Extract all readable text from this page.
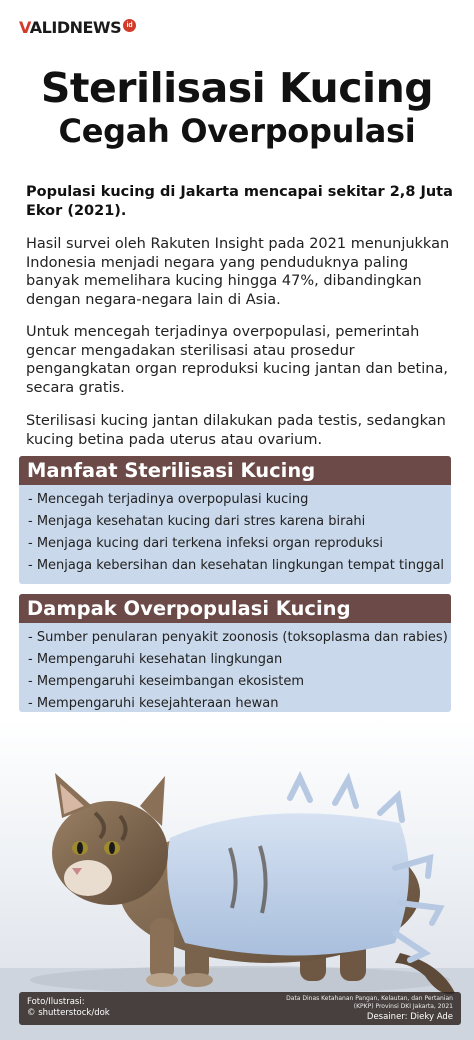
VALIDNEWS id
Sterilisasi Kucing
Cegah Overpopulasi

Populasi kucing di Jakarta mencapai sekitar 2,8 Juta Ekor (2021).

Hasil survei oleh Rakuten Insight pada 2021 menunjukkan Indonesia menjadi negara yang penduduknya paling banyak memelihara kucing hingga 47%, dibandingkan dengan negara-negara lain di Asia.

Untuk mencegah terjadinya overpopulasi, pemerintah gencar mengadakan sterilisasi atau prosedur pengangkatan organ reproduksi kucing jantan dan betina, secara gratis.

Sterilisasi kucing jantan dilakukan pada testis, sedangkan kucing betina pada uterus atau ovarium.

Manfaat Sterilisasi Kucing
- Mencegah terjadinya overpopulasi kucing
- Menjaga kesehatan kucing dari stres karena birahi
- Menjaga kucing dari terkena infeksi organ reproduksi
- Menjaga kebersihan dan kesehatan lingkungan tempat tinggal
Dampak Overpopulasi Kucing
- Sumber penularan penyakit zoonosis (toksoplasma dan rabies)
- Mempengaruhi kesehatan lingkungan
- Mempengaruhi keseimbangan ekosistem
- Mempengaruhi kesejahteraan hewan

Foto/Ilustrasi:
© shutterstock/dok

Data Dinas Ketahanan Pangan, Kelautan, dan Pertanian (KPKP) Provinsi DKI Jakarta, 2021

Desainer: Dieky Ade
